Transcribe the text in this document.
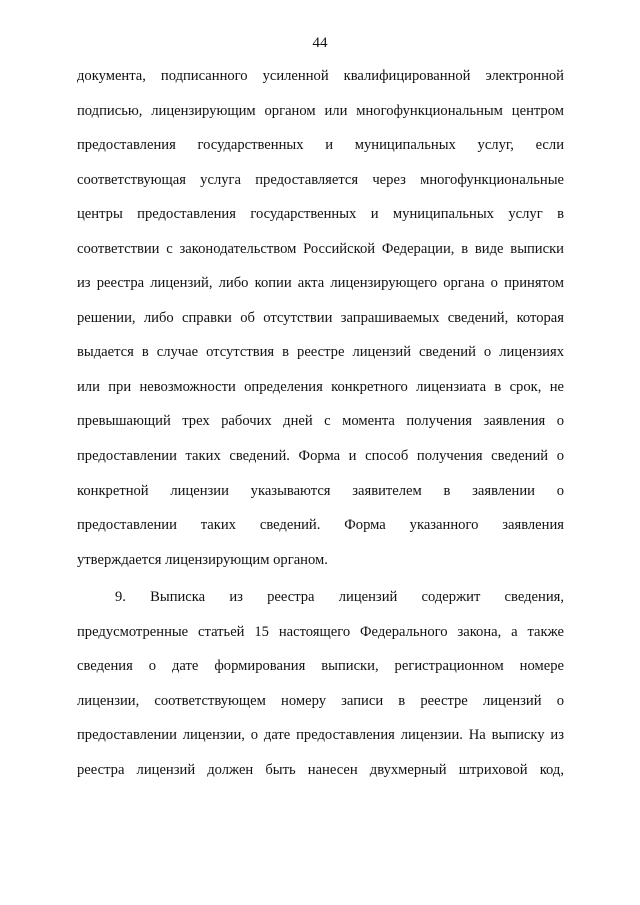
44
документа, подписанного усиленной квалифицированной электронной
подписью, лицензирующим органом или многофункциональным центром
предоставления государственных и муниципальных услуг, если
соответствующая услуга предоставляется через многофункциональные
центры предоставления государственных и муниципальных услуг в
соответствии с законодательством Российской Федерации, в виде выписки
из реестра лицензий, либо копии акта лицензирующего органа о принятом
решении, либо справки об отсутствии запрашиваемых сведений, которая
выдается в случае отсутствия в реестре лицензий сведений о лицензиях
или при невозможности определения конкретного лицензиата в срок, не
превышающий трех рабочих дней с момента получения заявления о
предоставлении таких сведений. Форма и способ получения сведений о
конкретной лицензии указываются заявителем в заявлении о
предоставлении таких сведений. Форма указанного заявления
утверждается лицензирующим органом.
9. Выписка из реестра лицензий содержит сведения,
предусмотренные статьей 15 настоящего Федерального закона, а также
сведения о дате формирования выписки, регистрационном номере
лицензии, соответствующем номеру записи в реестре лицензий о
предоставлении лицензии, о дате предоставления лицензии. На выписку из
реестра лицензий должен быть нанесен двухмерный штриховой код,
